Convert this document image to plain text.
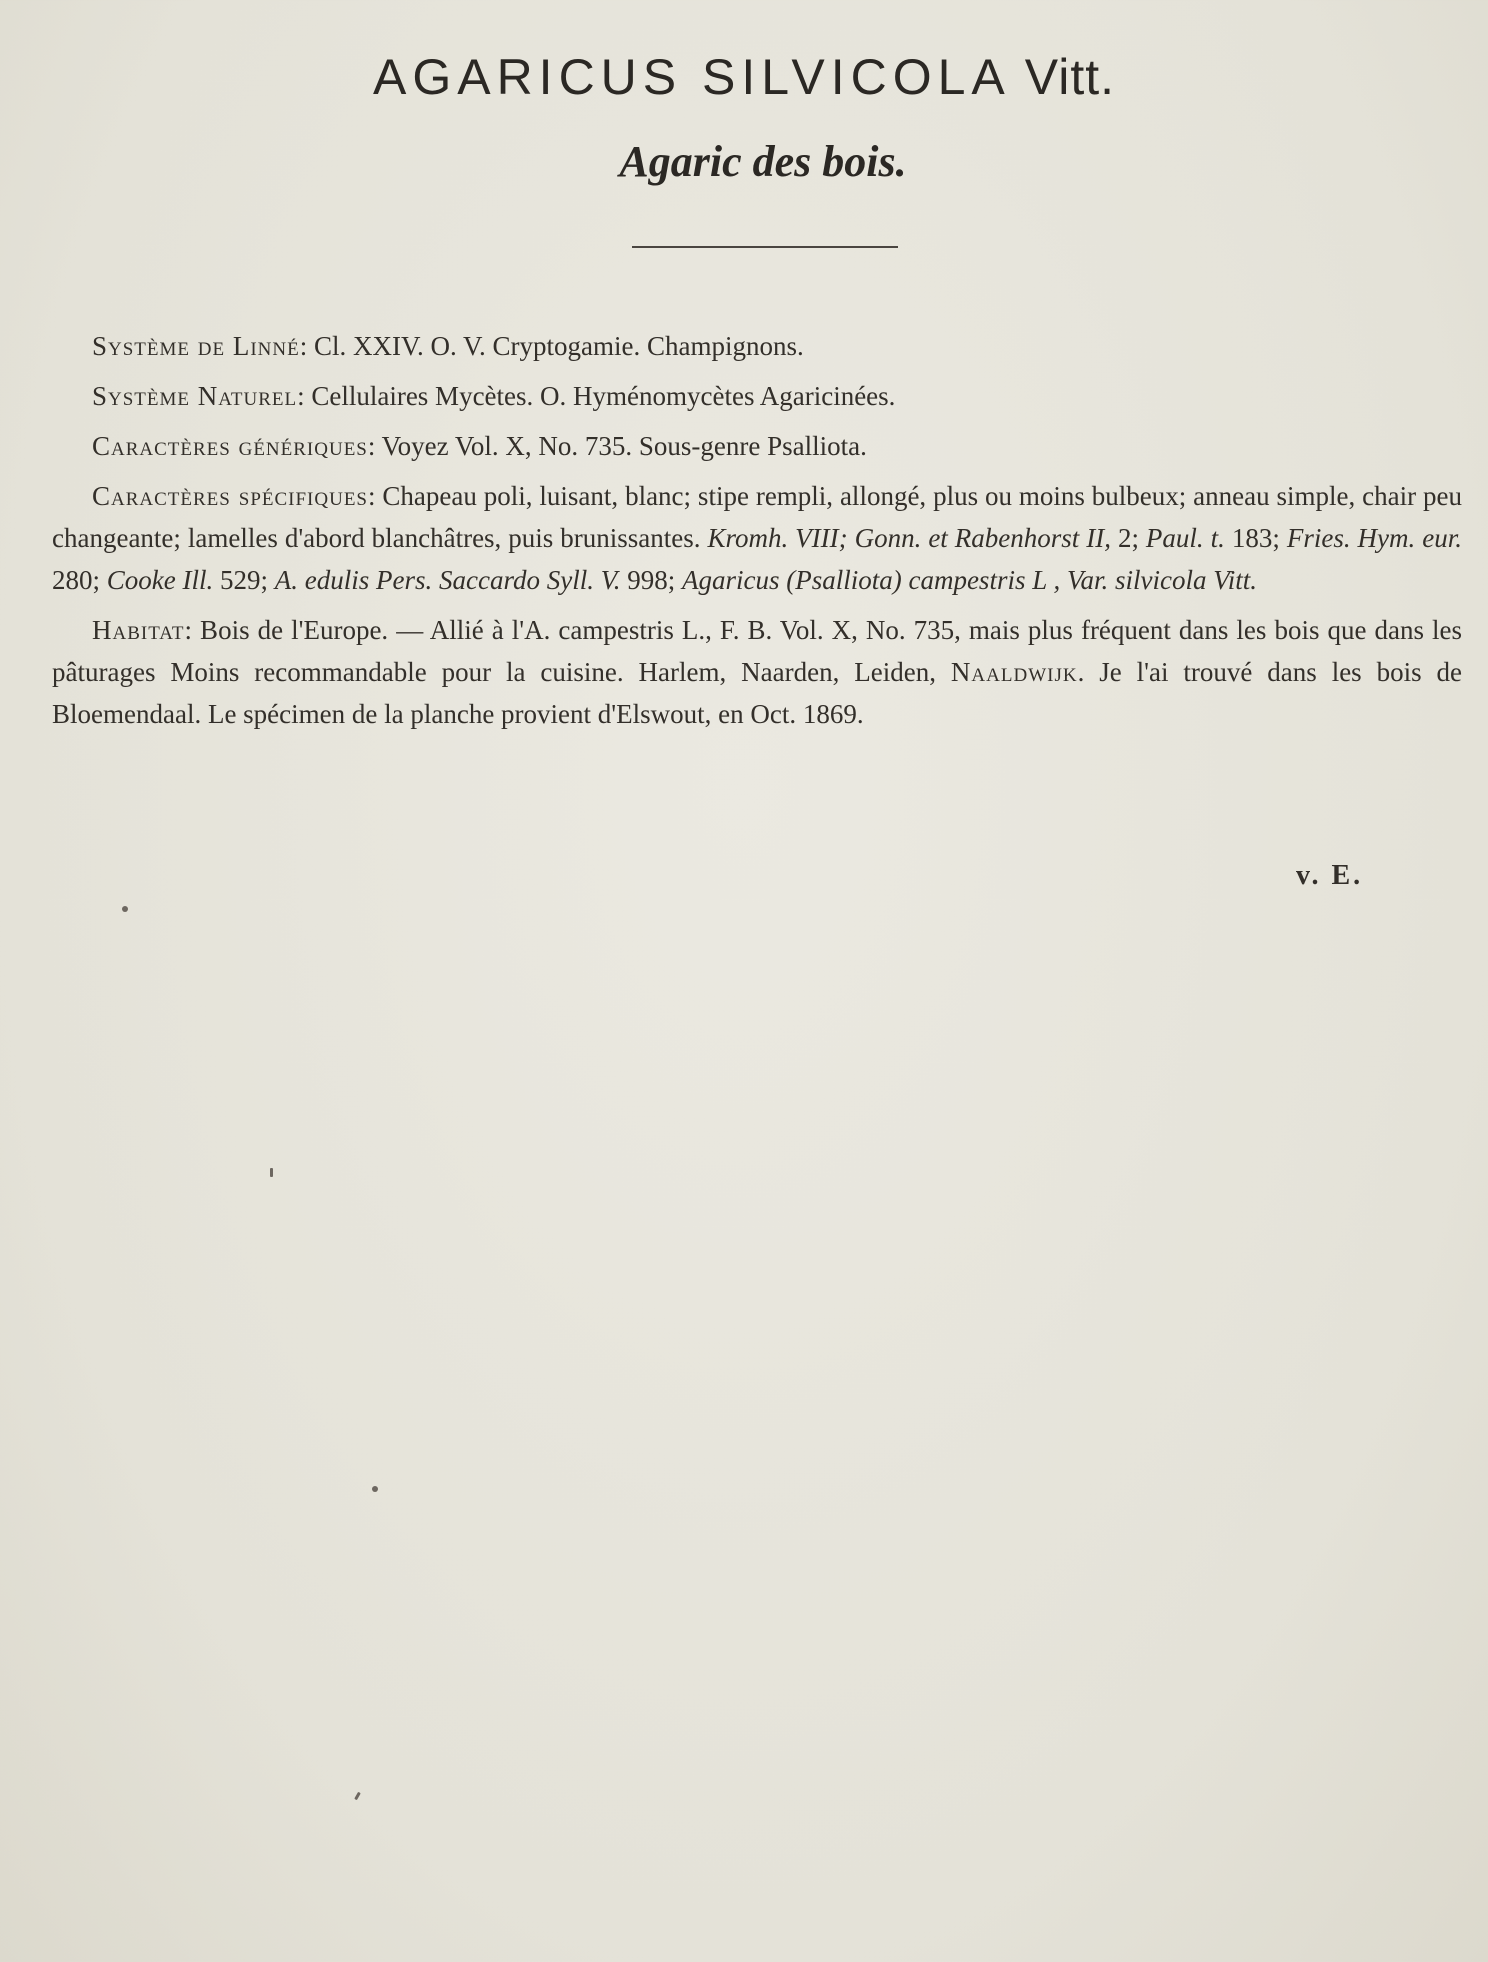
AGARICUS SILVICOLA Vitt.
Agaric des bois.

Système de Linné: Cl. XXIV. O. V. Cryptogamie. Champignons.

Système Naturel: Cellulaires Mycètes. O. Hyménomycètes Agaricinées.

Caractères génériques: Voyez Vol. X, No. 735. Sous-genre Psalliota.

Caractères spécifiques: Chapeau poli, luisant, blanc; stipe rempli, allongé, plus ou moins bulbeux; anneau simple, chair peu changeante; lamelles d'abord blanchâtres, puis brunissantes. Kromh. VIII; Gonn. et Rabenhorst II, 2; Paul. t. 183; Fries. Hym. eur. 280; Cooke Ill. 529; A. edulis Pers. Saccardo Syll. V. 998; Agaricus (Psalliota) campestris L , Var. silvicola Vitt.

Habitat: Bois de l'Europe. — Allié à l'A. campestris L., F. B. Vol. X, No. 735, mais plus fréquent dans les bois que dans les pâturages Moins recommandable pour la cuisine. Harlem, Naarden, Leiden, Naaldwijk. Je l'ai trouvé dans les bois de Bloemendaal. Le spécimen de la planche provient d'Elswout, en Oct. 1869.

v. E.
